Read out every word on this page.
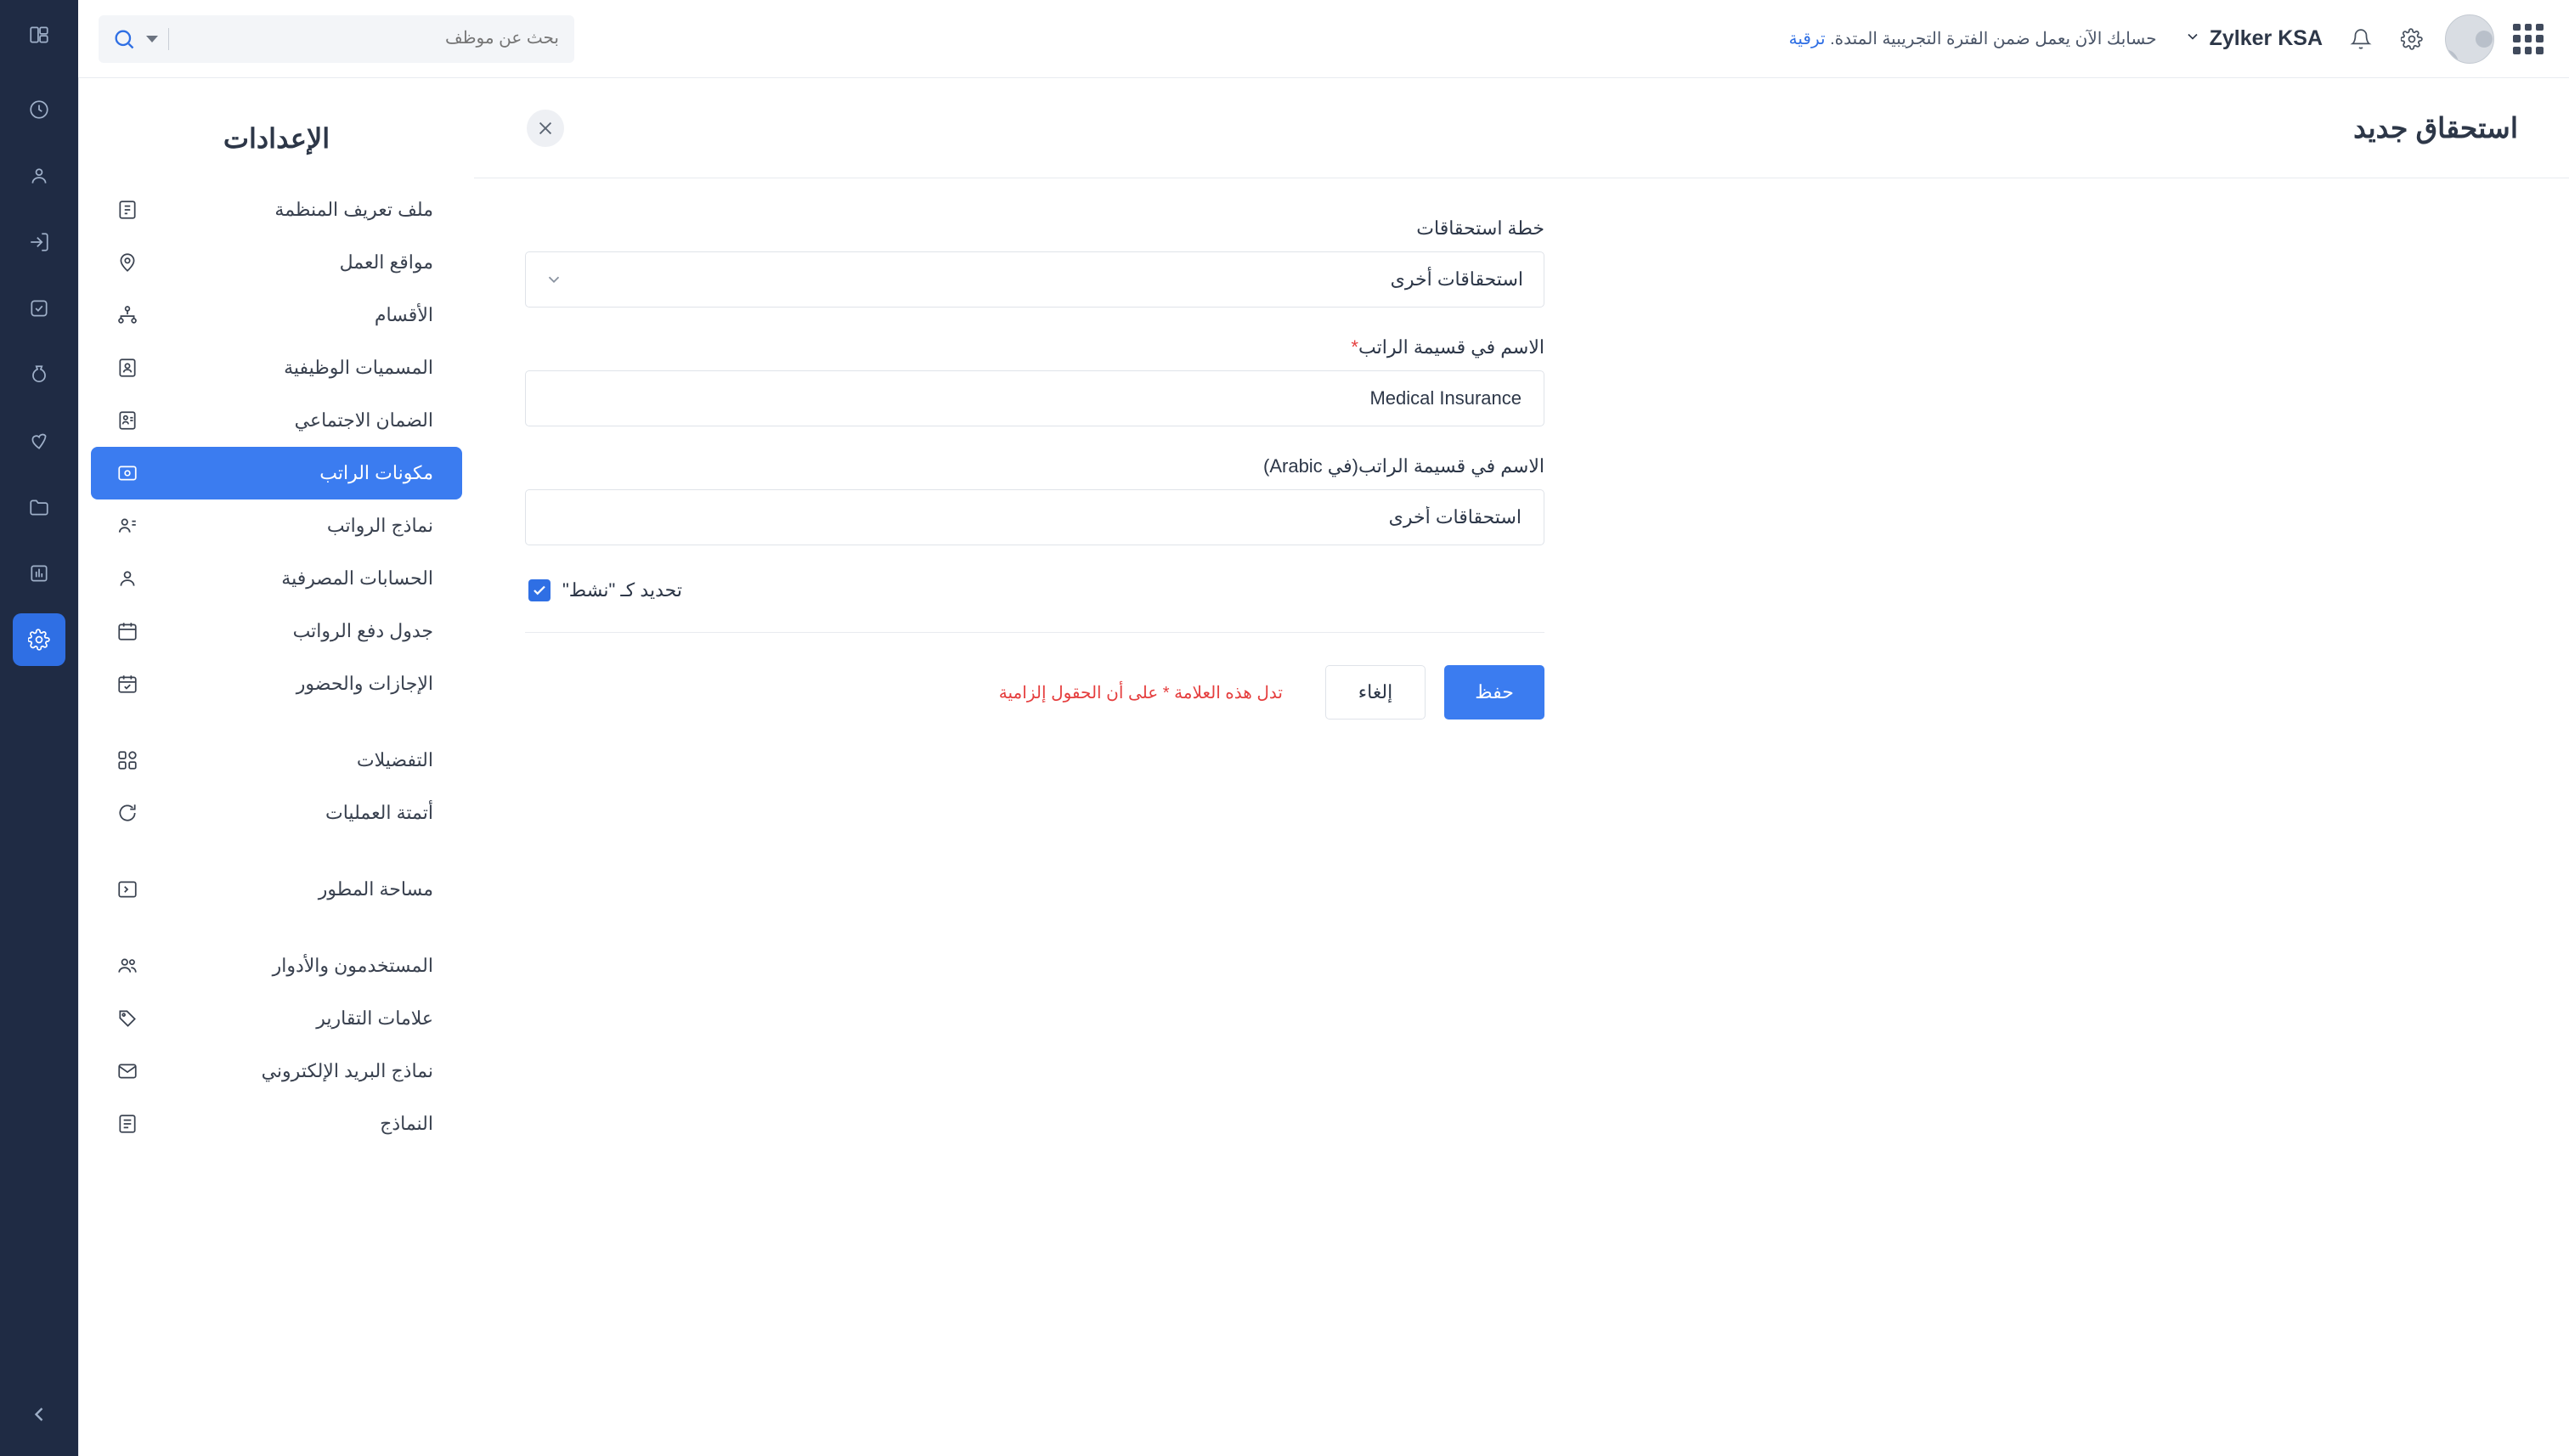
Zylker KSA
حسابك الآن يعمل ضمن الفترة التجريبية المتدة. ترقية
بحث عن موظف
استحقاق جديد
خطة استحقاقات
استحقاقات أخرى
الاسم في قسيمة الراتب*
Medical Insurance
الاسم في قسيمة الراتب(في Arabic)
استحقاقات أخرى
تحديد كـ "نشط"
حفظ
إلغاء
تدل هذه العلامة * على أن الحقول إلزامية
الإعدادات
ملف تعريف المنظمة
مواقع العمل
الأقسام
المسميات الوظيفية
الضمان الاجتماعي
مكونات الراتب
نماذج الرواتب
الحسابات المصرفية
جدول دفع الرواتب
الإجازات والحضور
التفضيلات
أتمتة العمليات
مساحة المطور
المستخدمون والأدوار
علامات التقارير
نماذج البريد الإلكتروني
النماذج
